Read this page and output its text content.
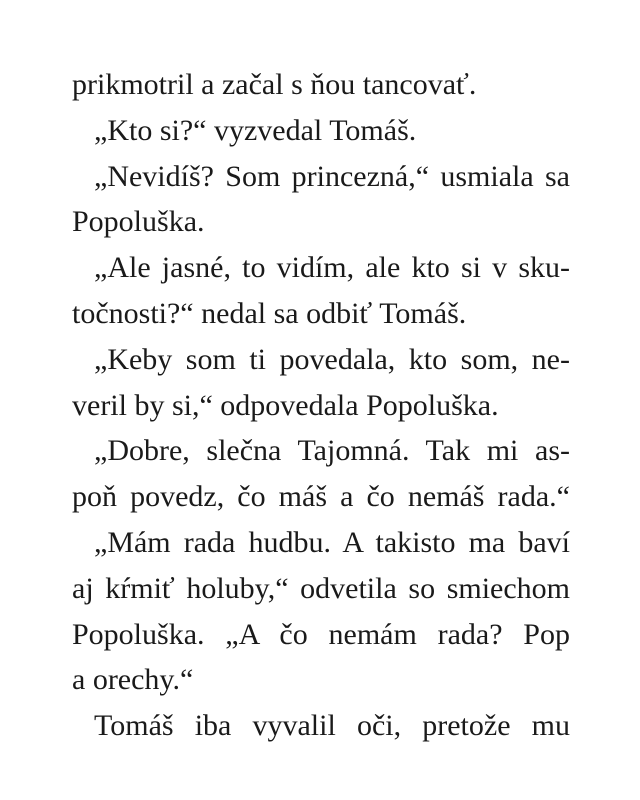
prikmotril a začal s ňou tancovať.
„Kto si?“ vyzvedal Tomáš.
„Nevidíš? Som princezná,“ usmiala sa
Popoluška.
„Ale jasné, to vidím, ale kto si v sku-
točnosti?“ nedal sa odbiť Tomáš.
„Keby som ti povedala, kto som, ne-
veril by si,“ odpovedala Popoluška.
„Dobre, slečna Tajomná. Tak mi as-
poň povedz, čo máš a čo nemáš rada.“
„Mám rada hudbu. A takisto ma baví
aj kŕmiť holuby,“ odvetila so smiechom
Popoluška. „A čo nemám rada? Pop
a orechy.“
Tomáš iba vyvalil oči, pretože mu
